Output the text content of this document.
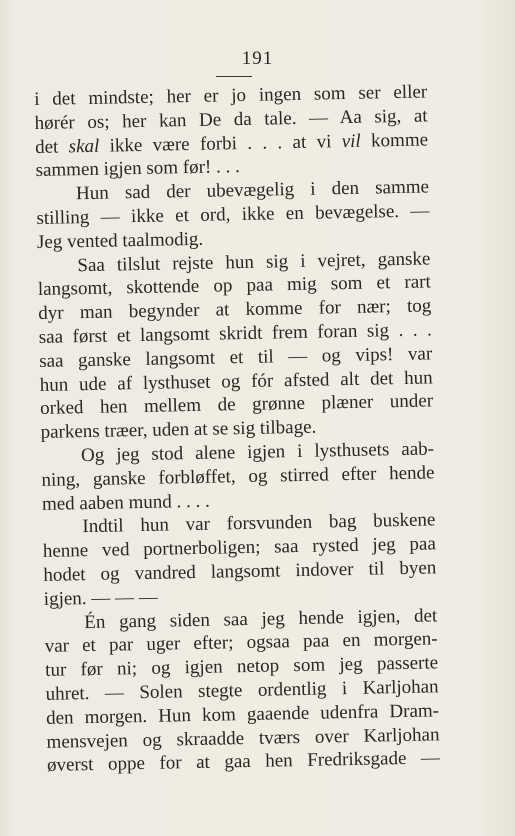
191
i det mindste; her er jo ingen som ser eller
hørér os; her kan De da tale. — Aa sig, at
det skal ikke være forbi . . . at vi vil komme
sammen igjen som før! . . .
Hun sad der ubevægelig i den samme
stilling — ikke et ord, ikke en bevægelse. —
Jeg vented taalmodig.
Saa tilslut rejste hun sig i vejret, ganske
langsomt, skottende op paa mig som et rart
dyr man begynder at komme for nær; tog
saa først et langsomt skridt frem foran sig . . .
saa ganske langsomt et til — og vips! var
hun ude af lysthuset og fór afsted alt det hun
orked hen mellem de grønne plæner under
parkens træer, uden at se sig tilbage.
Og jeg stod alene igjen i lysthusets aab-
ning, ganske forbløffet, og stirred efter hende
med aaben mund . . . .
Indtil hun var forsvunden bag buskene
henne ved portnerboligen; saa rysted jeg paa
hodet og vandred langsomt indover til byen
igjen. — — —
Én gang siden saa jeg hende igjen, det
var et par uger efter; ogsaa paa en morgen-
tur før ni; og igjen netop som jeg passerte
uhret. — Solen stegte ordentlig i Karljohan
den morgen. Hun kom gaaende udenfra Dram-
mensvejen og skraadde tværs over Karljohan
øverst oppe for at gaa hen Fredriksgade —
